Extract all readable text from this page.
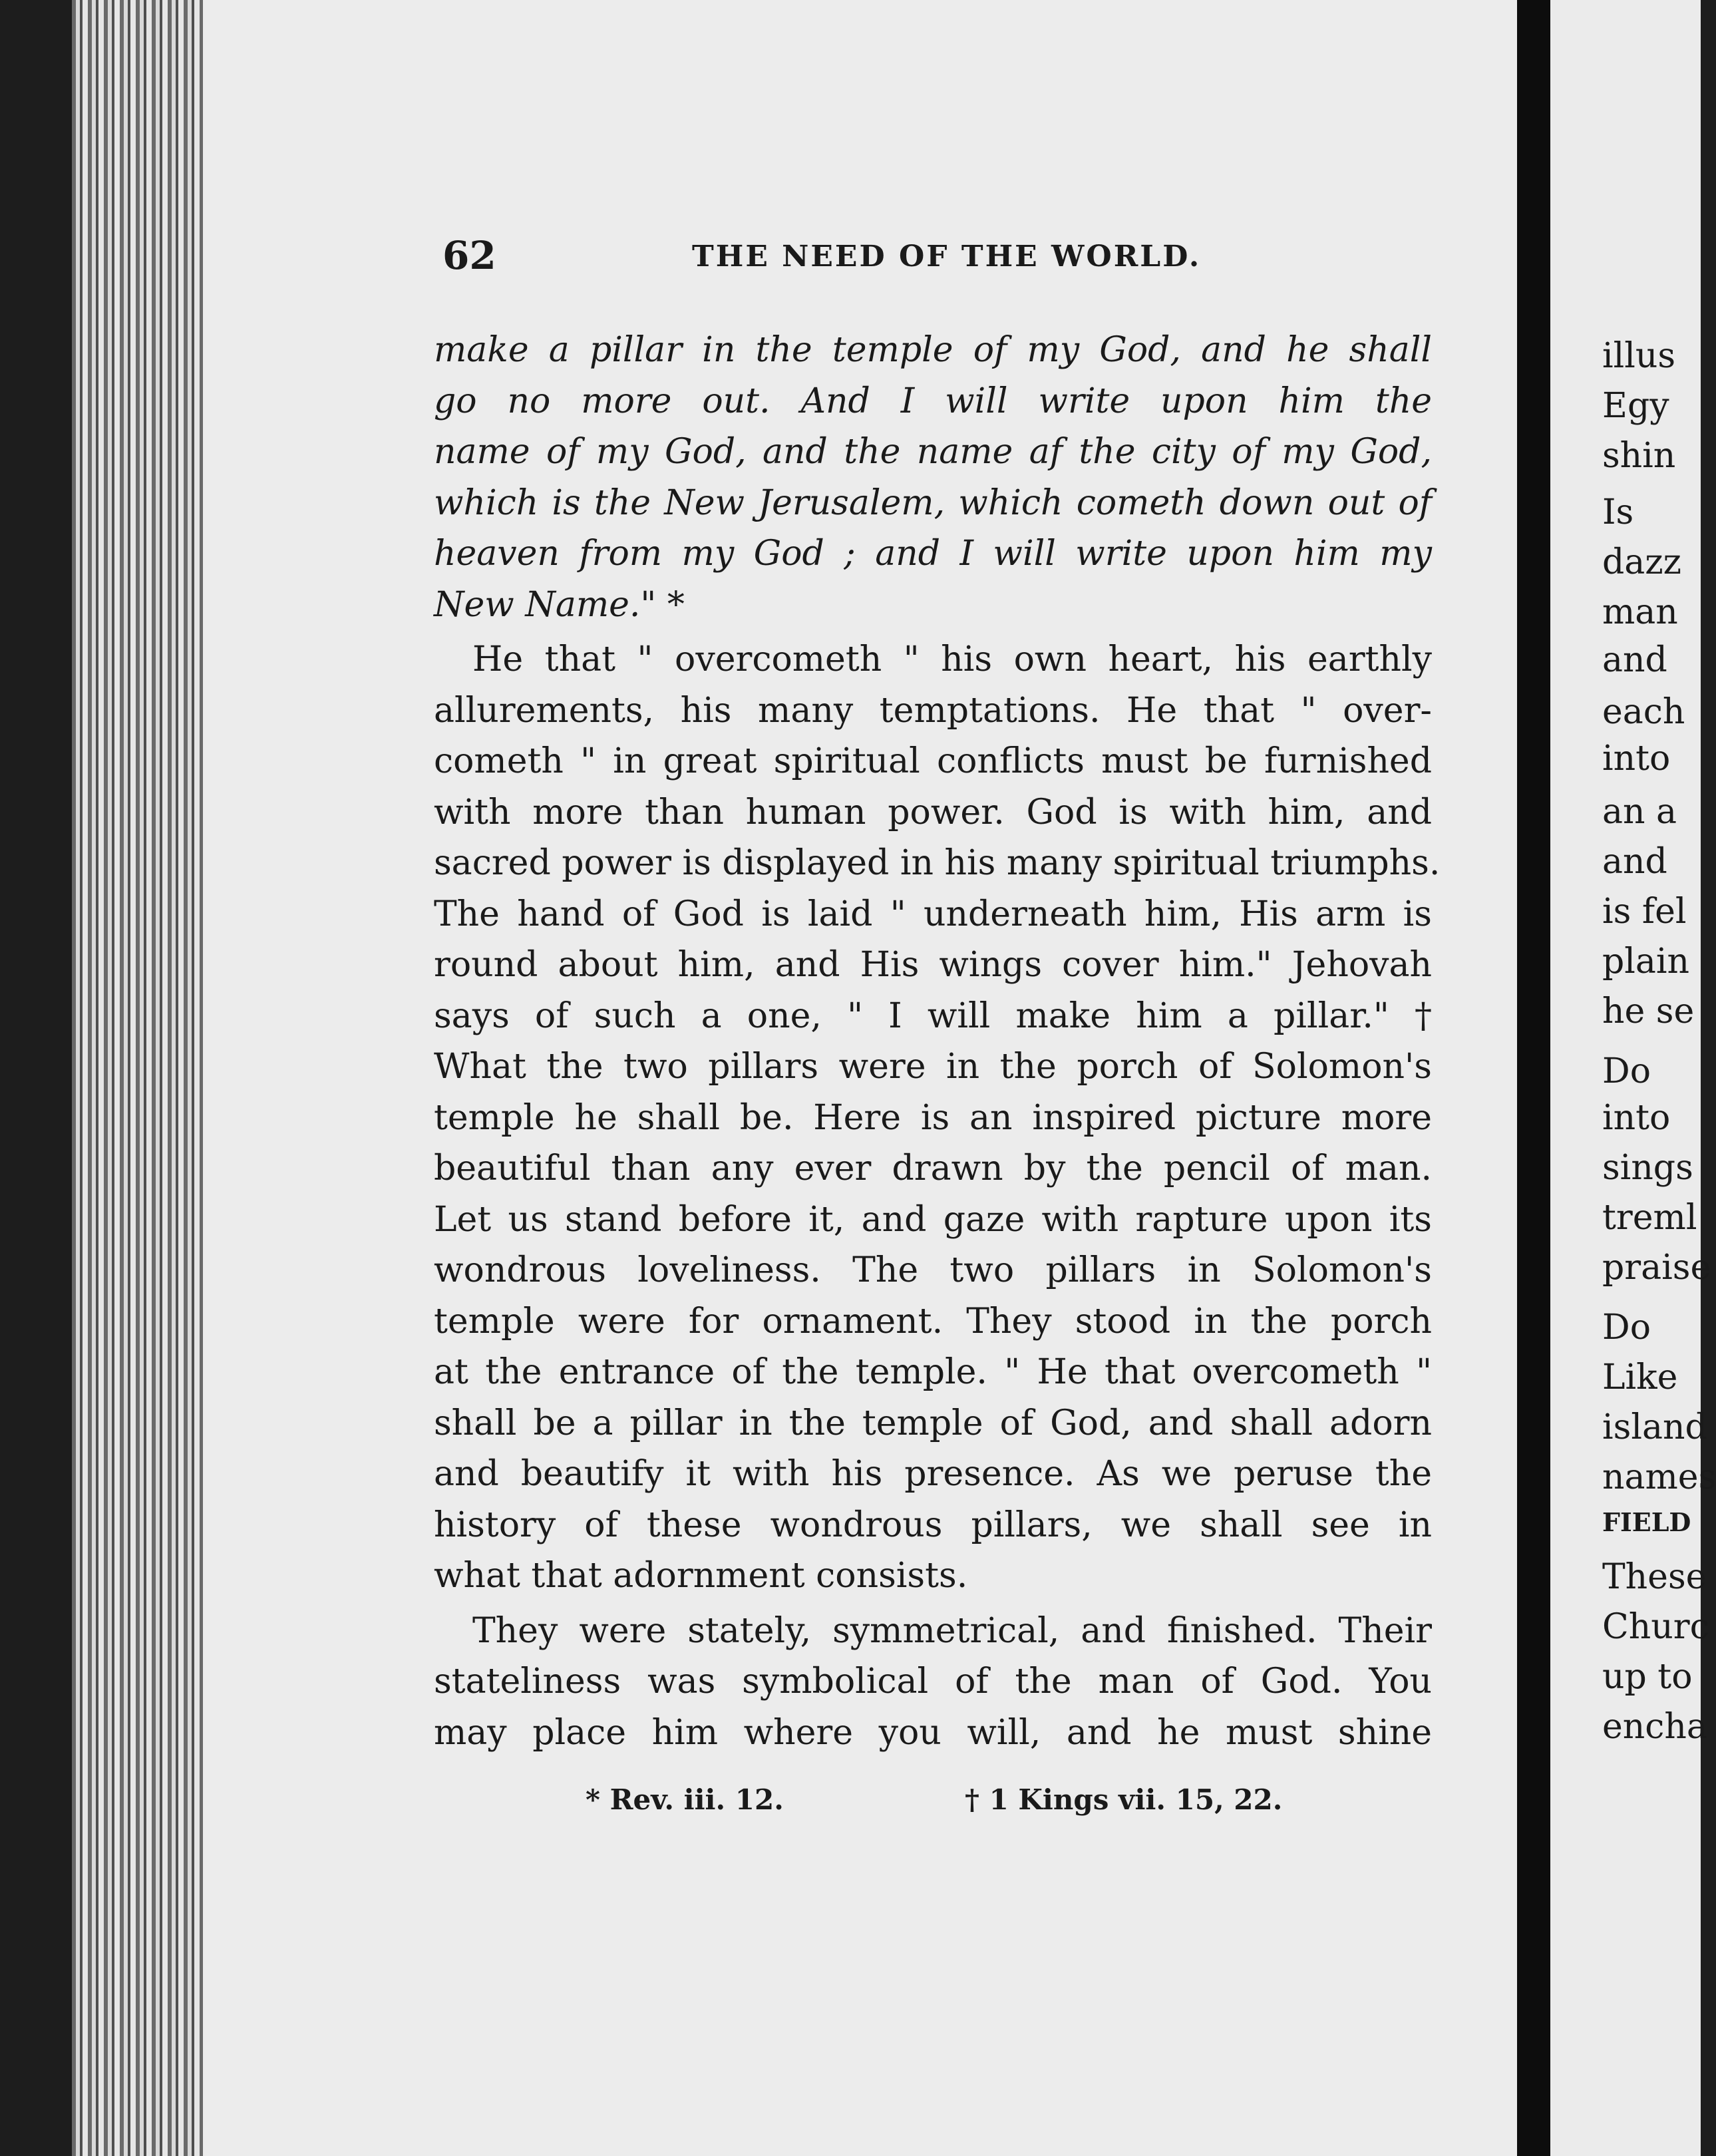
62	THE NEED OF THE WORLD.
make a pillar in the temple of my God, and he shall
go no more out. And I will write upon him the
name of my God, and the name af the city of my God,
which is the New Jerusalem, which cometh down out of
heaven from my God ; and I will write upon him my
New Name." *
He that " overcometh " his own heart, his earthly
allurements, his many temptations. He that " over-
cometh " in great spiritual conflicts must be furnished
with more than human power. God is with him, and
sacred power is displayed in his many spiritual triumphs.
The hand of God is laid " underneath him, His arm is
round about him, and His wings cover him." Jehovah
says of such a one, " I will make him a pillar." †
What the two pillars were in the porch of Solomon's
temple he shall be. Here is an inspired picture more
beautiful than any ever drawn by the pencil of man.
Let us stand before it, and gaze with rapture upon its
wondrous loveliness. The two pillars in Solomon's
temple were for ornament. They stood in the porch
at the entrance of the temple. " He that overcometh "
shall be a pillar in the temple of God, and shall adorn
and beautify it with his presence. As we peruse the
history of these wondrous pillars, we shall see in
what that adornment consists.
They were stately, symmetrical, and finished. Their
stateliness was symbolical of the man of God. You
may place him where you will, and he must shine
* Rev. iii. 12.	† 1 Kings vii. 15, 22.
illus
Egy
shin
Is
dazz
man
and
each
into
an a
and
is fel
plain
he se
Do
into
sings
treml
praise
Do
Like
island
names
FIELD
These
Churc
up to
encha
